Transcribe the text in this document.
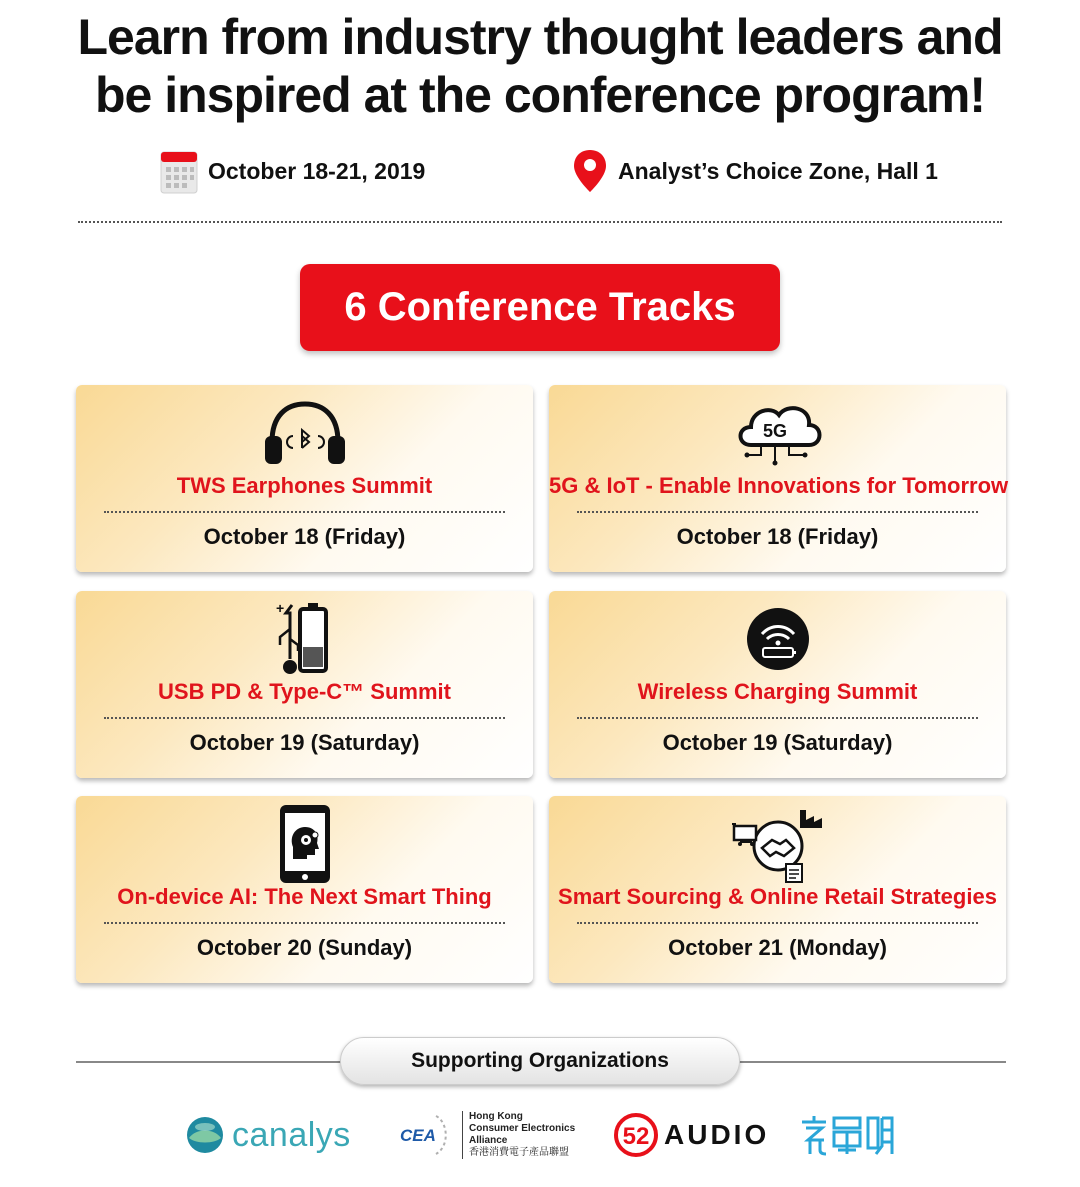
Learn from industry thought leaders and
be inspired at the conference program!
October 18-21, 2019	Analyst’s Choice Zone, Hall 1
6 Conference Tracks
TWS Earphones Summit
October 18 (Friday)
5G
5G & IoT - Enable Innovations for Tomorrow
October 18 (Friday)
+
USB PD & Type-C™ Summit
October 19 (Saturday)
Wireless Charging Summit
October 19 (Saturday)
On-device AI: The Next Smart Thing
October 20 (Sunday)
Smart Sourcing & Online Retail Strategies
October 21 (Monday)
Supporting Organizations
canalys	CEA
Hong Kong
Consumer Electronics
Alliance
香港消費電子產品聯盟
52 AUDIO
